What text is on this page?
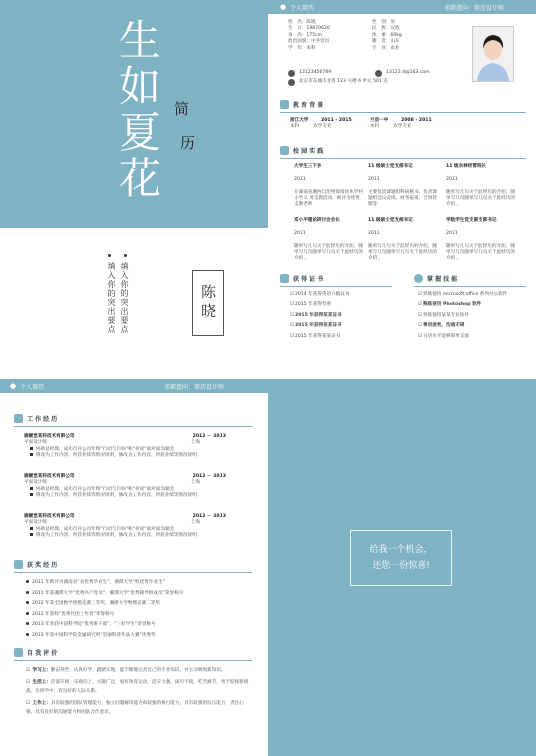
生
如
夏
花
简
历
填入你的突出要点 填入你的突出要点	陈晓
● 个人简历	求职意向：简历设计师
姓　名：陈晓
生　日：19870626
身　高：175cm
政治面貌：中共党员
学　历：本科
性　别：男
民　族：汉族
体　重：60kg
籍　贯：山东
专　业：农业
13123456789	13123.4@163.com
北京市东城市北普 123 号楼 6 单元 501 室
教 育 背 景
浙江大学　	2011 - 2015
本科	农学专业
兰县一中　	2008 - 2011
本科	农学专业
校 园 实 践
大学生三下乡

2011

在湖南省湘西自治州保靖县木学村小学义 务支教活动，被评为优秀支教老师
11 级硕士党支部书记

2011

主要负责课题组科研秘书、负责课题组会议安排、财务报销、合同管理等
11 级农林经管班长

2011

随单写几句关于此经历的介绍，随单写几句随单写几句关于此经历的介绍 。
邓小平理论研讨会会长

2011

随单写几句关于此经历的介绍，随单写几句随单写几句关于此经历的介绍 。
11 级硕士党支部书记

2011

随单写几句关于此经历的介绍，随单写几句随单写几句关于此经历的介绍 。
学院学生党支部支部书记

2011

随单写几句关于此经历的介绍，随单写几句随单写几句关于此经历的介绍 。
获 得 证 书
☑ 2014 年获得英语六级证书
☑ 2015 年获得驾照
☑ 2015 年获得某某证书
☑ 2015 年获得某某证书
☑ 2015 年获得某某证书
掌 握 技 能
☑ 熟练使用 microsoft office 系列办公软件
☑ 熟练使用 Photoshop 软件
☑ 熟练使用某某专业软件
☑ 粤语流利，沟通无碍
☑ 日语水平能够简单交流
● 个人简历	求职意向：简历设计师
工 作 经 历
鹿额堂某科技术有限公司	2012 － 2013
平面设计师	上海
协助总经理，成功召开公司年终“行动与目标”和“亮说”面对面沟通会
修改为工作内容、所获业绩等情况说明，修改为工作内容、所获业绩等情况说明
鹿额堂某科技术有限公司	2012 － 2013
平面设计师	上海
协助总经理，成功召开公司年终“行动与目标”和“亮说”面对面沟通会
修改为工作内容、所获业绩等情况说明，修改为工作内容、所获业绩等情况说明
鹿额堂某科技术有限公司	2012 － 2013
平面设计师	上海
协助总经理，成功召开公司年终“行动与目标”和“亮说”面对面沟通会
修改为工作内容、所获业绩等情况说明，修改为工作内容、所获业绩等情况说明
获 奖 经 历
2011 年被评为湖南省“省优秀毕业生”，湘潭大学“校优秀毕业生”
2011 年获湘潭大学“优秀共产党员”，湘潭大学“优秀辅导组成员”荣誉称号
2012 年获全国数学建模竞赛三等奖，湘潭大学物理竞赛二等奖
2012 年获校“优秀社团工作者”荣誉称号
2013 年荣获中国科学院“优秀班干部”、“三好学生”荣誉称号
2013 年获中国科学院金属研究所“崇丽科普作品大赛”优秀奖
自 我 评 价
☑ 学习上：勤奋刻苦，认真好学，踏踏实地，能不断地完善自己的专业知识，并主动吸收新知识。
☑ 生活上：活泼开朗，乐观向上，兴趣广泛，爱好体育运动，适应力强，拔尽不挠，吃苦耐劳，勇于迎接新挑战，在同学中，有良好的人际关系。
☑ 工作上：具有较强的团队管理能力，独立问题解决能力和较强的执行能力，具有较强的抗压能力，责任心强，具有良好的沟通能力和团队合作意识。
给我一个机会，
还您一份惊喜!
